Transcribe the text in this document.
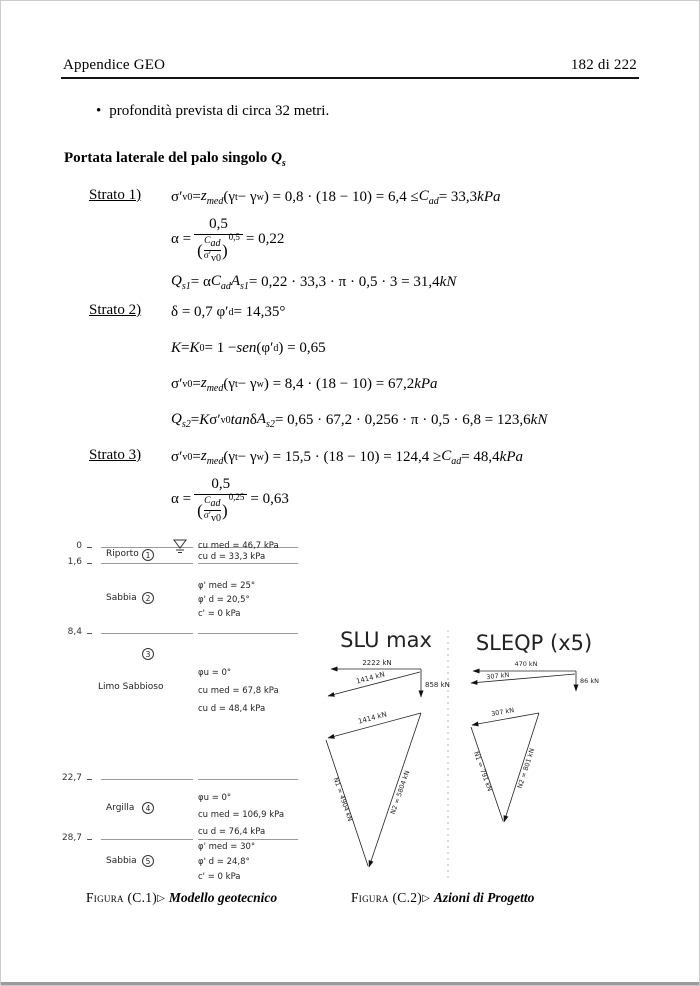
Appendice GEO	182 di 222
• profondità prevista di circa 32 metri.
Portata laterale del palo singolo $Q_s$
Strato 1)	σ′ $v0 = z_{med}$ (γ t − γ w ) = $0,8 \cdot (18 - 10) = 6,4 \le C_{ad} = 33,3$ kPa
α = 0,5
( $C_{ad}$
$\sigma'_{v0}$ )
$^{0,5}$ = 0,22
$Q_{s1} = \alpha$ $C_{ad}$ $A_{s1} = 0,22 \cdot 33,3 \cdot \pi \cdot 0,5 \cdot 3 = 31,4$ kN
Strato 2)	δ = 0,7 φ′ d = 14,35°
K = K 0 = 1 − sen (φ′ d ) = 0,65
σ′ $v0 = z_{med}$ (γ t − γ w ) = 8,4 · (18 − 10) = 67,2 kPa
$Q_{s2} = K$ σ′ v0 tan δ $A_{s2} = 0,65 \cdot 67,2 \cdot 0,256 \cdot \pi \cdot 0,5 \cdot 6,8 = 123,6$ kN
Strato 3)	σ′ $v0 = z_{med}$ (γ t − γ w ) = $15,5 \cdot (18 - 10) = 124,4 \ge C_{ad} = 48,4$ kPa
α = 0,5
( $C_{ad}$
$\sigma'_{v0}$ )
$^{0,25}$ = 0,63
0
1,6
8,4
22,7
28,7
Riporto 1
cu med = 46,7 kPa
cu d = 33,3 kPa
Sabbia	2
φ' med = 25°
φ' d = 20,5°
c' = 0 kPa
3
Limo Sabbioso
φu = 0°
cu med = 67,8 kPa
cu d = 48,4 kPa
Argilla	4
φu = 0°
cu med = 106,9 kPa
cu d = 76,4 kPa
Sabbia	5
φ' med = 30°
φ' d = 24,8°
c' = 0 kPa
SLU max
2222 kN
858 kN
1414 kN
1414 kN
N1 = 4904 kN	N2 = 5804 kN
SLEQP (x5)
470 kN
86 kN
307 kN
307 kN
N1 = 791 kN	N2 = 801 kN
Figura (C.1)▷ Modello geotecnico	Figura (C.2)▷ Azioni di Progetto
